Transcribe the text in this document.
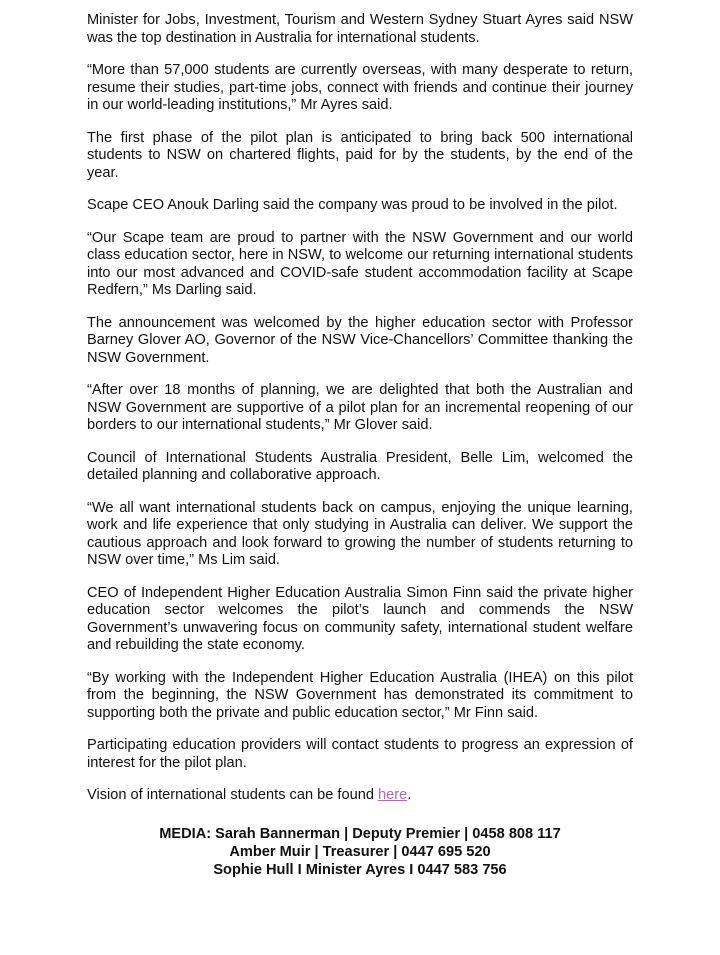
Minister for Jobs, Investment, Tourism and Western Sydney Stuart Ayres said NSW was the top destination in Australia for international students.

“More than 57,000 students are currently overseas, with many desperate to return, resume their studies, part-time jobs, connect with friends and continue their journey in our world-leading institutions,” Mr Ayres said.

The first phase of the pilot plan is anticipated to bring back 500 international students to NSW on chartered flights, paid for by the students, by the end of the year.

Scape CEO Anouk Darling said the company was proud to be involved in the pilot.

“Our Scape team are proud to partner with the NSW Government and our world class education sector, here in NSW, to welcome our returning international students into our most advanced and COVID-safe student accommodation facility at Scape Redfern,” Ms Darling said.

The announcement was welcomed by the higher education sector with Professor Barney Glover AO, Governor of the NSW Vice-Chancellors’ Committee thanking the NSW Government.

“After over 18 months of planning, we are delighted that both the Australian and NSW Government are supportive of a pilot plan for an incremental reopening of our borders to our international students,” Mr Glover said.

Council of International Students Australia President, Belle Lim, welcomed the detailed planning and collaborative approach.

“We all want international students back on campus, enjoying the unique learning, work and life experience that only studying in Australia can deliver. We support the cautious approach and look forward to growing the number of students returning to NSW over time,” Ms Lim said.

CEO of Independent Higher Education Australia Simon Finn said the private higher education sector welcomes the pilot’s launch and commends the NSW Government’s unwavering focus on community safety, international student welfare and rebuilding the state economy.

“By working with the Independent Higher Education Australia (IHEA) on this pilot from the beginning, the NSW Government has demonstrated its commitment to supporting both the private and public education sector,” Mr Finn said.

Participating education providers will contact students to progress an expression of interest for the pilot plan.

Vision of international students can be found here.

MEDIA: Sarah Bannerman | Deputy Premier | 0458 808 117
Amber Muir | Treasurer | 0447 695 520
Sophie Hull I Minister Ayres I 0447 583 756
